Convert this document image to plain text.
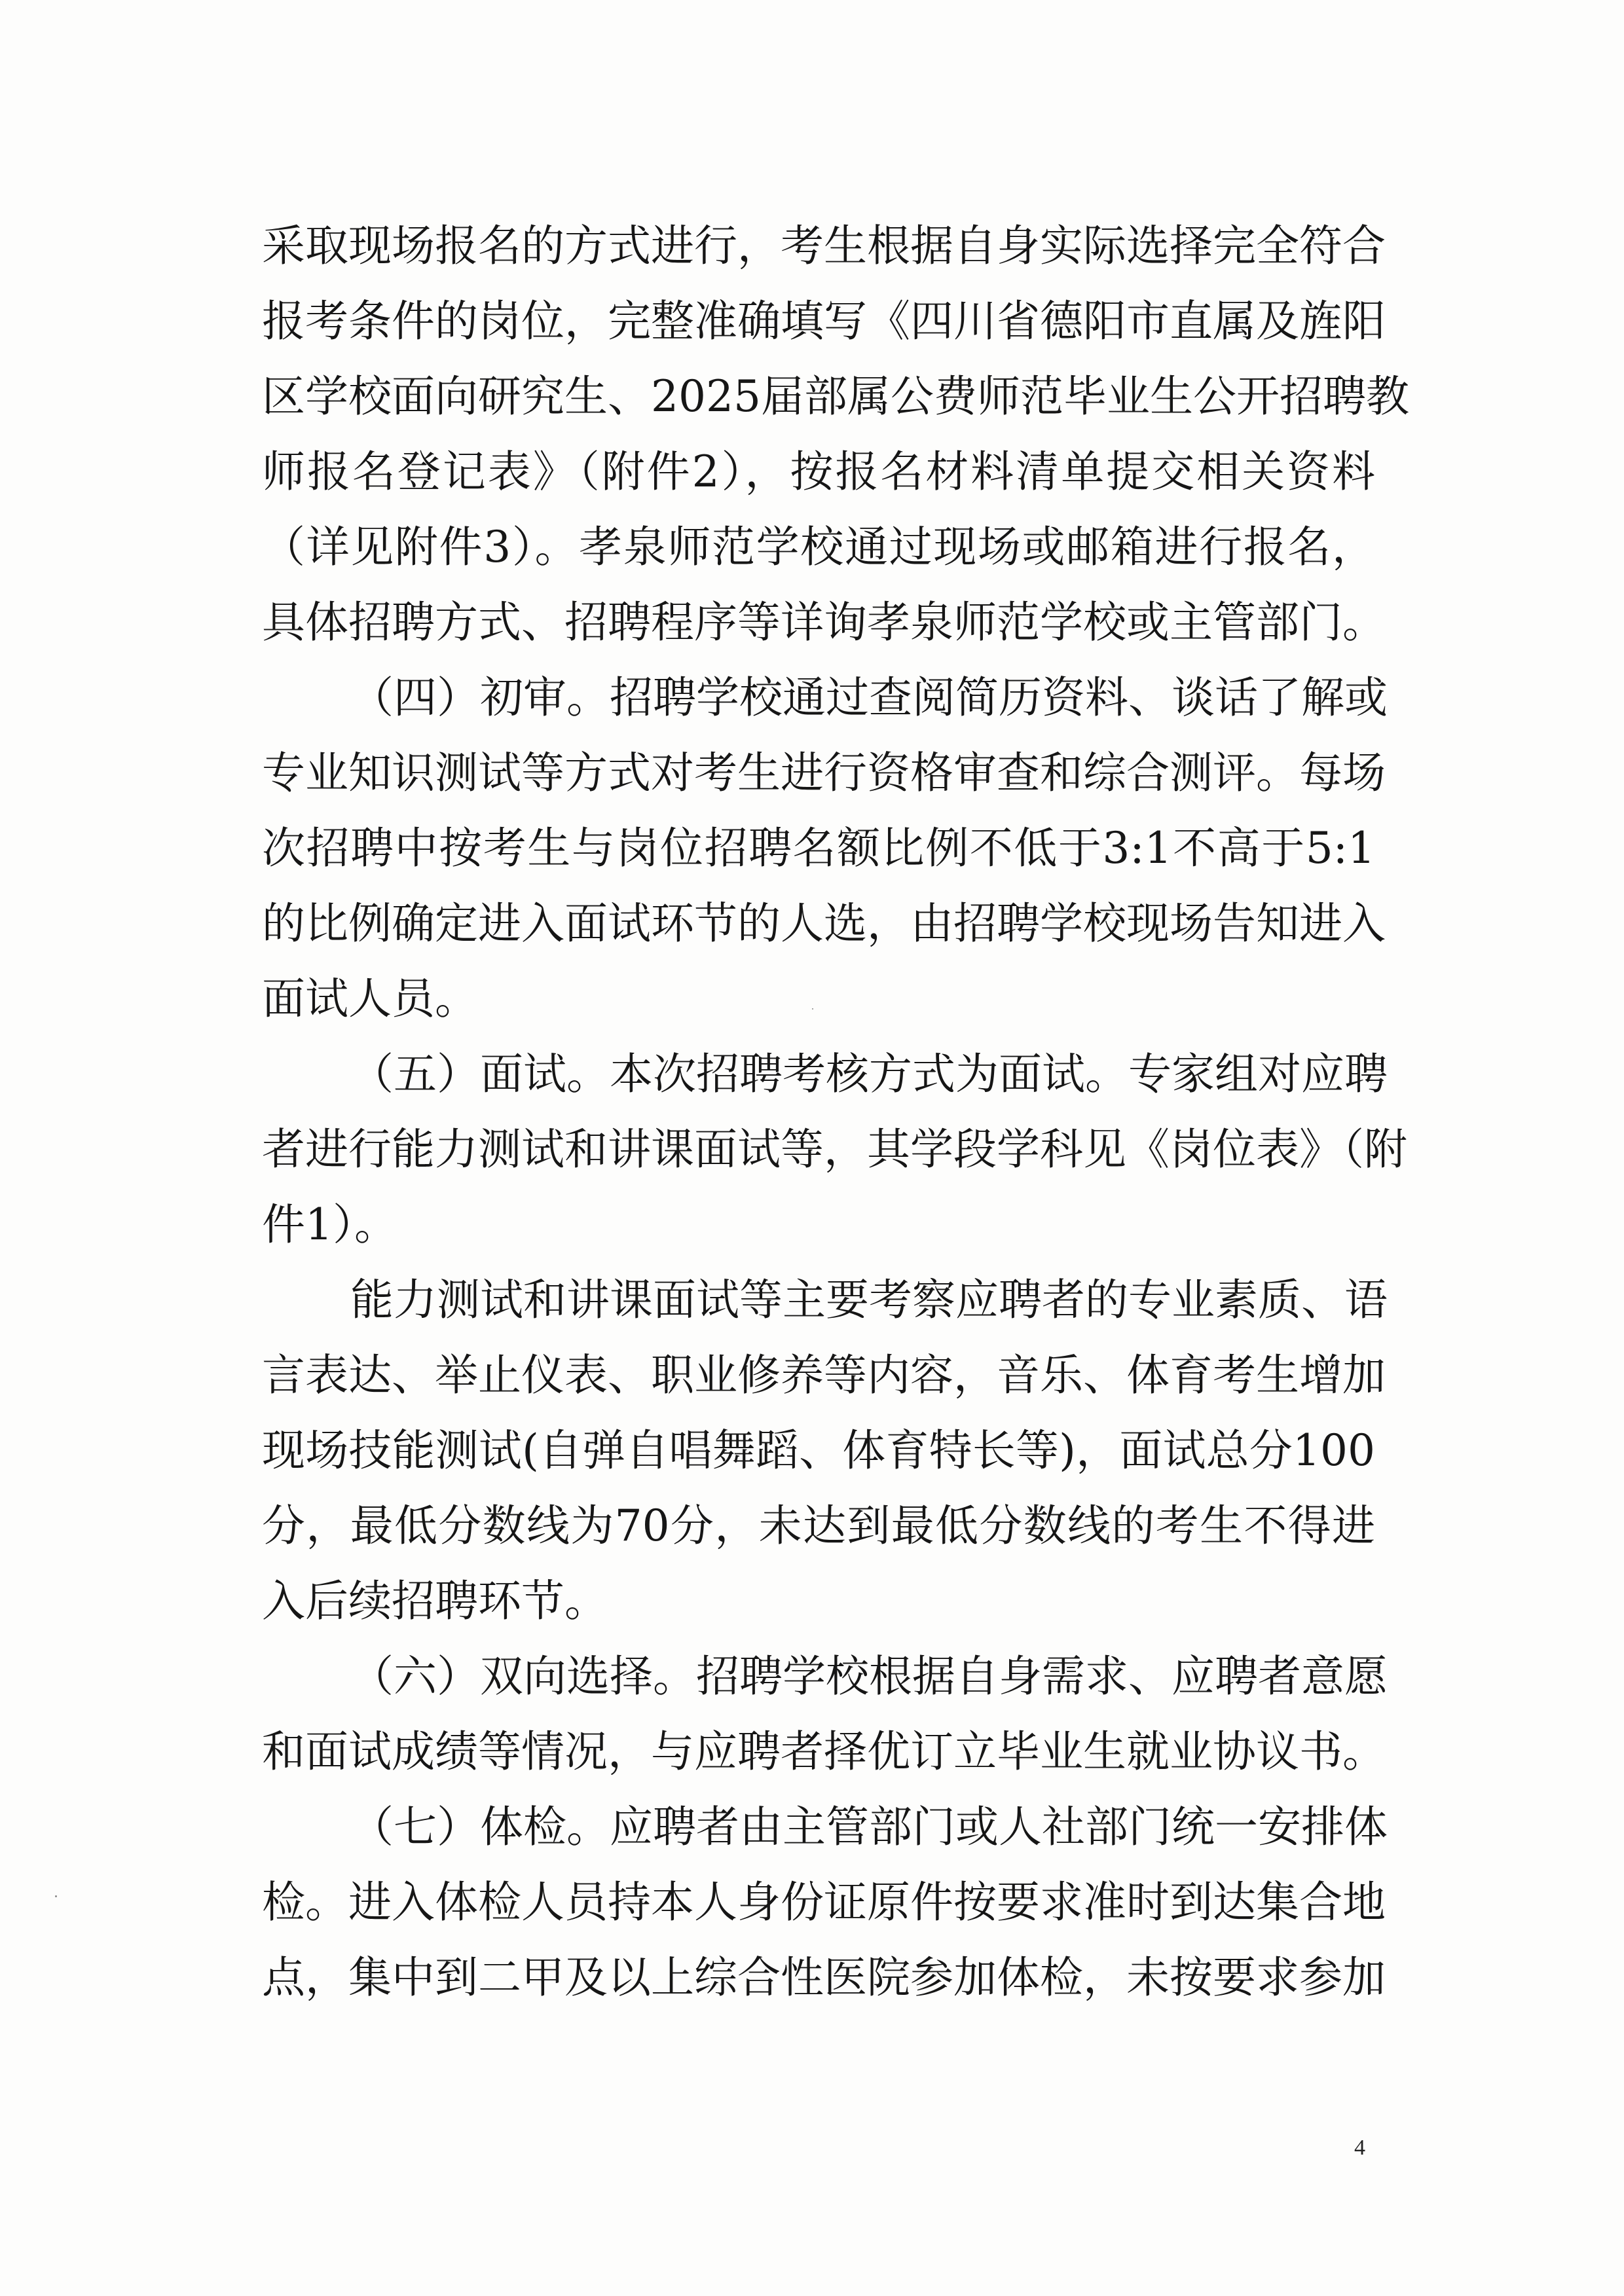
采取现场报名的方式进行，考生根据自身实际选择完全符合
报考条件的岗位，完整准确填写《四川省德阳市直属及旌阳
区学校面向研究生、2025届部属公费师范毕业生公开招聘教
师报名登记表》（附件2），按报名材料清单提交相关资料
（详见附件3）。孝泉师范学校通过现场或邮箱进行报名，
具体招聘方式、招聘程序等详询孝泉师范学校或主管部门。
（四）初审。招聘学校通过查阅简历资料、谈话了解或
专业知识测试等方式对考生进行资格审查和综合测评。每场
次招聘中按考生与岗位招聘名额比例不低于3:1不高于5:1
的比例确定进入面试环节的人选，由招聘学校现场告知进入
面试人员。
（五）面试。本次招聘考核方式为面试。专家组对应聘
者进行能力测试和讲课面试等，其学段学科见《岗位表》（附
件1）。
能力测试和讲课面试等主要考察应聘者的专业素质、语
言表达、举止仪表、职业修养等内容，音乐、体育考生增加
现场技能测试(自弹自唱舞蹈、体育特长等)，面试总分100
分，最低分数线为70分，未达到最低分数线的考生不得进
入后续招聘环节。
（六）双向选择。招聘学校根据自身需求、应聘者意愿
和面试成绩等情况，与应聘者择优订立毕业生就业协议书。
（七）体检。应聘者由主管部门或人社部门统一安排体
检。进入体检人员持本人身份证原件按要求准时到达集合地
点，集中到二甲及以上综合性医院参加体检，未按要求参加
4
